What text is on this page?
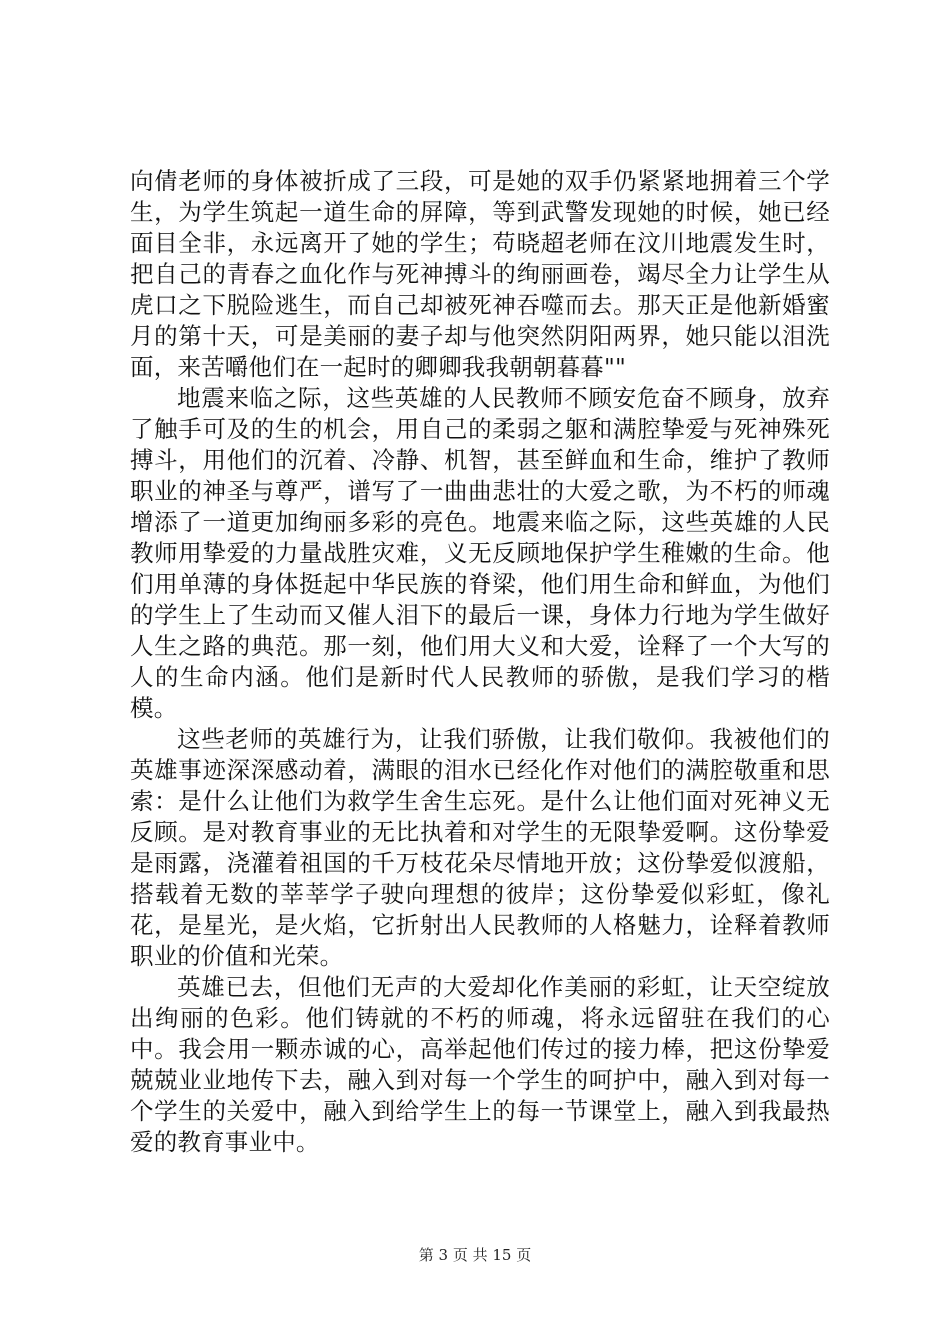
向倩老师的身体被折成了三段，可是她的双手仍紧紧地拥着三个学生，为学生筑起一道生命的屏障，等到武警发现她的时候，她已经面目全非，永远离开了她的学生；苟晓超老师在汶川地震发生时，把自己的青春之血化作与死神搏斗的绚丽画卷，竭尽全力让学生从虎口之下脱险逃生，而自己却被死神吞噬而去。那天正是他新婚蜜月的第十天，可是美丽的妻子却与他突然阴阳两界，她只能以泪洗面，来苦嚼他们在一起时的卿卿我我朝朝暮暮""

地震来临之际，这些英雄的人民教师不顾安危奋不顾身，放弃了触手可及的生的机会，用自己的柔弱之躯和满腔挚爱与死神殊死搏斗，用他们的沉着、冷静、机智，甚至鲜血和生命，维护了教师职业的神圣与尊严，谱写了一曲曲悲壮的大爱之歌，为不朽的师魂增添了一道更加绚丽多彩的亮色。地震来临之际，这些英雄的人民教师用挚爱的力量战胜灾难，义无反顾地保护学生稚嫩的生命。他们用单薄的身体挺起中华民族的脊梁，他们用生命和鲜血，为他们的学生上了生动而又催人泪下的最后一课，身体力行地为学生做好人生之路的典范。那一刻，他们用大义和大爱，诠释了一个大写的人的生命内涵。他们是新时代人民教师的骄傲，是我们学习的楷模。

这些老师的英雄行为，让我们骄傲，让我们敬仰。我被他们的英雄事迹深深感动着，满眼的泪水已经化作对他们的满腔敬重和思索：是什么让他们为救学生舍生忘死。是什么让他们面对死神义无反顾。是对教育事业的无比执着和对学生的无限挚爱啊。这份挚爱是雨露，浇灌着祖国的千万枝花朵尽情地开放；这份挚爱似渡船，搭载着无数的莘莘学子驶向理想的彼岸；这份挚爱似彩虹，像礼花，是星光，是火焰，它折射出人民教师的人格魅力，诠释着教师职业的价值和光荣。

英雄已去，但他们无声的大爱却化作美丽的彩虹，让天空绽放出绚丽的色彩。他们铸就的不朽的师魂，将永远留驻在我们的心中。我会用一颗赤诚的心，高举起他们传过的接力棒，把这份挚爱兢兢业业地传下去，融入到对每一个学生的呵护中，融入到对每一个学生的关爱中，融入到给学生上的每一节课堂上，融入到我最热爱的教育事业中。

第 3 页 共 15 页
